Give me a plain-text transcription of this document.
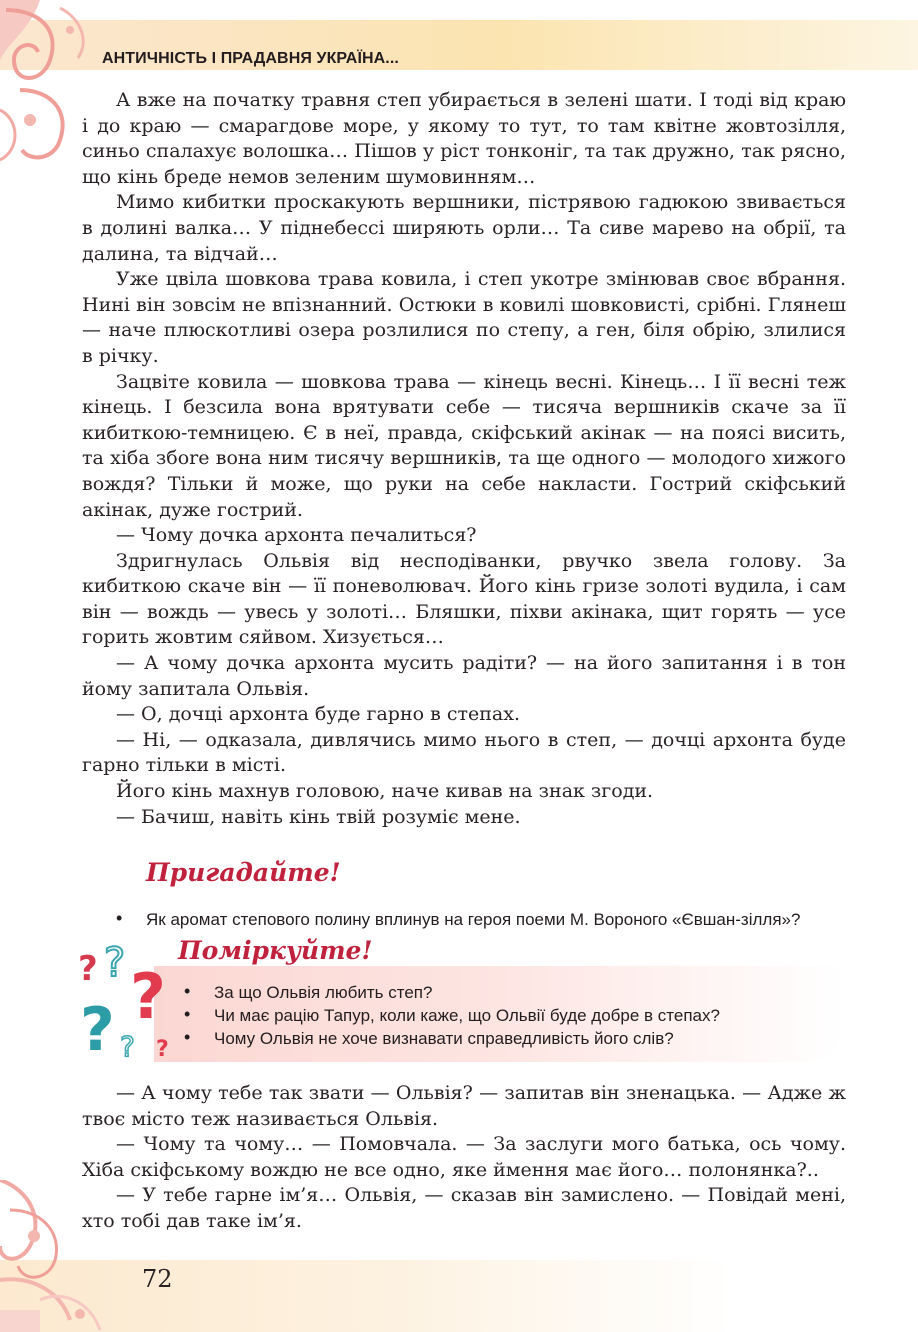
АНТИЧНІСТЬ І ПРАДАВНЯ УКРАЇНА...

А вже на початку травня степ убирається в зелені шати. І тоді від краю і до краю — смарагдове море, у якому то тут, то там квітне жовтозілля, синьо спалахує волошка… Пішов у ріст тонконіг, та так дружно, так рясно, що кінь бреде немов зеленим шумовинням…

Мимо кибитки проскакують вершники, пістрявою гадюкою звивається в долині валка… У піднебессі ширяють орли… Та сиве марево на обрії, та далина, та відчай…

Уже цвіла шовкова трава ковила, і степ укотре змінював своє вбрання. Нині він зовсім не впізнанний. Остюки в ковилі шовковисті, срібні. Глянеш — наче плюскотливі озера розлилися по степу, а ген, біля обрію, злилися в річку.

Зацвіте ковила — шовкова трава — кінець весні. Кінець… І її весні теж кінець. І безсила вона врятувати себе — тисяча вершників скаче за її кибиткою-темницею. Є в неї, правда, скіфський акінак — на поясі висить, та хіба збore вона ним тисячу вершників, та ще одного — молодого хижого вождя? Тільки й може, що руки на себе накласти. Гострий скіфський акінак, дуже гострий.

— Чому дочка архонта печалиться?

Здригнулась Ольвія від несподіванки, рвучко звела голову. За кибиткою скаче він — її поневолювач. Його кінь гризе золоті вудила, і сам він — вождь — увесь у золоті… Бляшки, піхви акінака, щит горять — усе горить жовтим сяйвом. Хизується…

— А чому дочка архонта мусить радіти? — на його запитання і в тон йому запитала Ольвія.

— О, дочці архонта буде гарно в степах.

— Ні, — одказала, дивлячись мимо нього в степ, — дочці архонта буде гарно тільки в місті.

Його кінь махнув головою, наче кивав на знак згоди.

— Бачиш, навіть кінь твій розуміє мене.

Пригадайте!
• Як аромат степового полину вплинув на героя поеми М. Вороного «Євшан-зілля»?
? ? ?
? ? ?
Поміркуйте!
• За що Ольвія любить степ?
• Чи має рацію Тапур, коли каже, що Ольвії буде добре в степах?
• Чому Ольвія не хоче визнавати справедливість його слів?

— А чому тебе так звати — Ольвія? — запитав він зненацька. — Адже ж твоє місто теж називається Ольвія.

— Чому та чому… — Помовчала. — За заслуги мого батька, ось чому. Хіба скіфському вождю не все одно, яке ймення має його… полонянка?..

— У тебе гарне ім’я… Ольвія, — сказав він замислено. — Повідай мені, хто тобі дав таке ім’я.

72
